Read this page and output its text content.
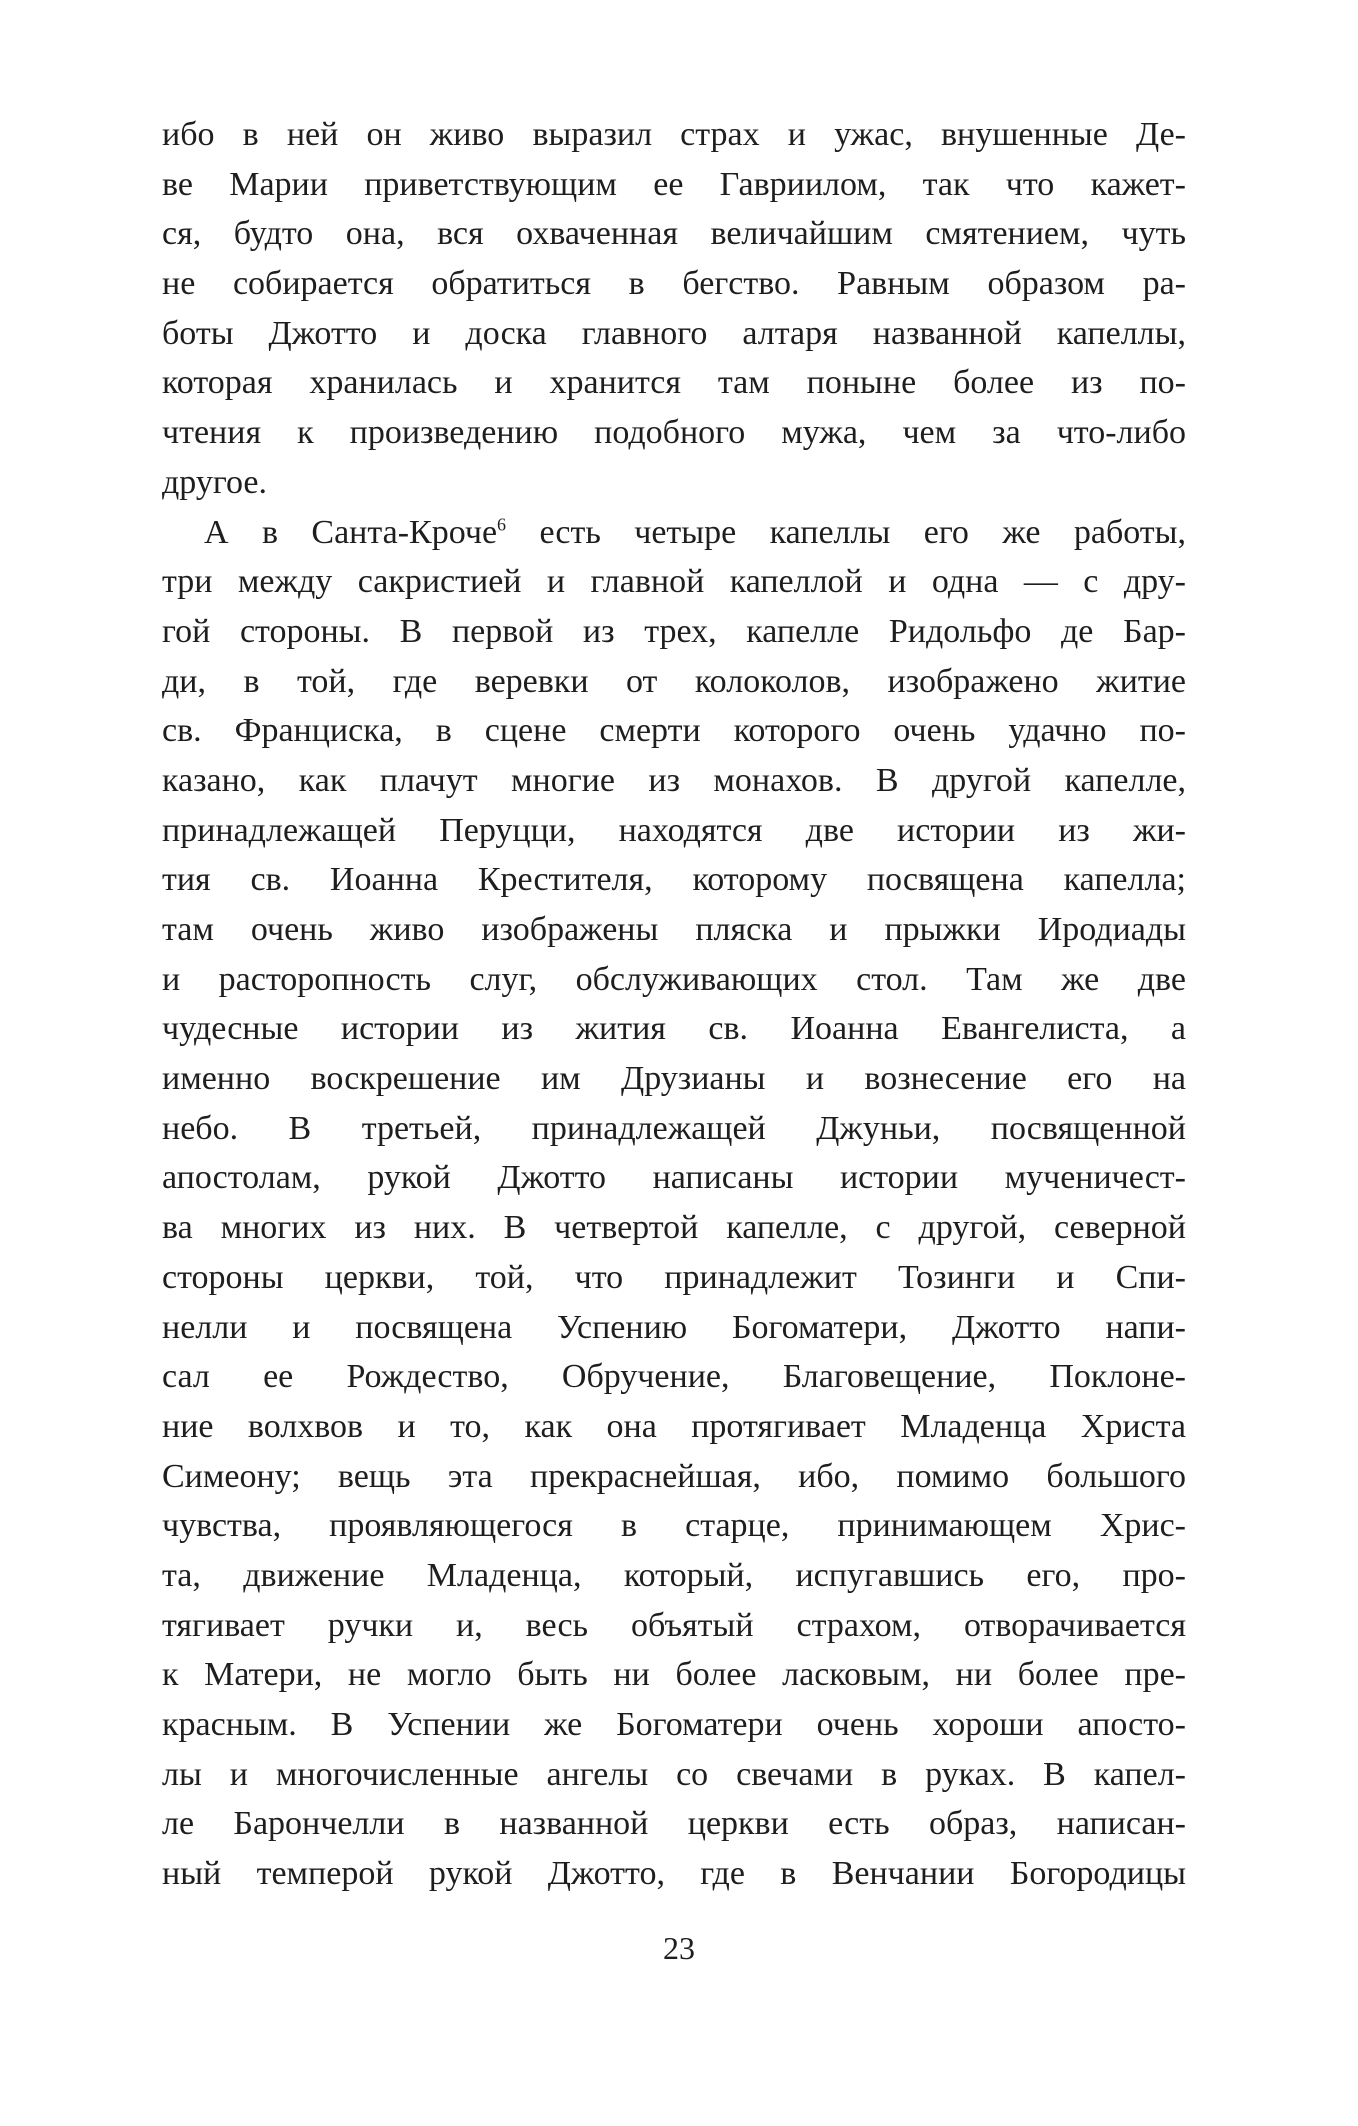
ибо в ней он живо выразил страх и ужас, внушенные Де-
ве Марии приветствующим ее Гавриилом, так что кажет-
ся, будто она, вся охваченная величайшим смятением, чуть
не собирается обратиться в бегство. Равным образом ра-
боты Джотто и доска главного алтаря названной капеллы,
которая хранилась и хранится там поныне более из по-
чтения к произведению подобного мужа, чем за что-либо
другое.
А в Санта-Кроче$^6$ есть четыре капеллы его же работы,
три между сакристией и главной капеллой и одна — с дру-
гой стороны. В первой из трех, капелле Ридольфо де Бар-
ди, в той, где веревки от колоколов, изображено житие
св. Франциска, в сцене смерти которого очень удачно по-
казано, как плачут многие из монахов. В другой капелле,
принадлежащей Перуцци, находятся две истории из жи-
тия св. Иоанна Крестителя, которому посвящена капелла;
там очень живо изображены пляска и прыжки Иродиады
и расторопность слуг, обслуживающих стол. Там же две
чудесные истории из жития св. Иоанна Евангелиста, а
именно воскрешение им Друзианы и вознесение его на
небо. В третьей, принадлежащей Джуньи, посвященной
апостолам, рукой Джотто написаны истории мученичест-
ва многих из них. В четвертой капелле, с другой, северной
стороны церкви, той, что принадлежит Тозинги и Спи-
нелли и посвящена Успению Богоматери, Джотто напи-
сал ее Рождество, Обручение, Благовещение, Поклоне-
ние волхвов и то, как она протягивает Младенца Христа
Симеону; вещь эта прекраснейшая, ибо, помимо большого
чувства, проявляющегося в старце, принимающем Хрис-
та, движение Младенца, который, испугавшись его, про-
тягивает ручки и, весь объятый страхом, отворачивается
к Матери, не могло быть ни более ласковым, ни более пре-
красным. В Успении же Богоматери очень хороши апосто-
лы и многочисленные ангелы со свечами в руках. В капел-
ле Барончелли в названной церкви есть образ, написан-
ный темперой рукой Джотто, где в Венчании Богородицы
23
